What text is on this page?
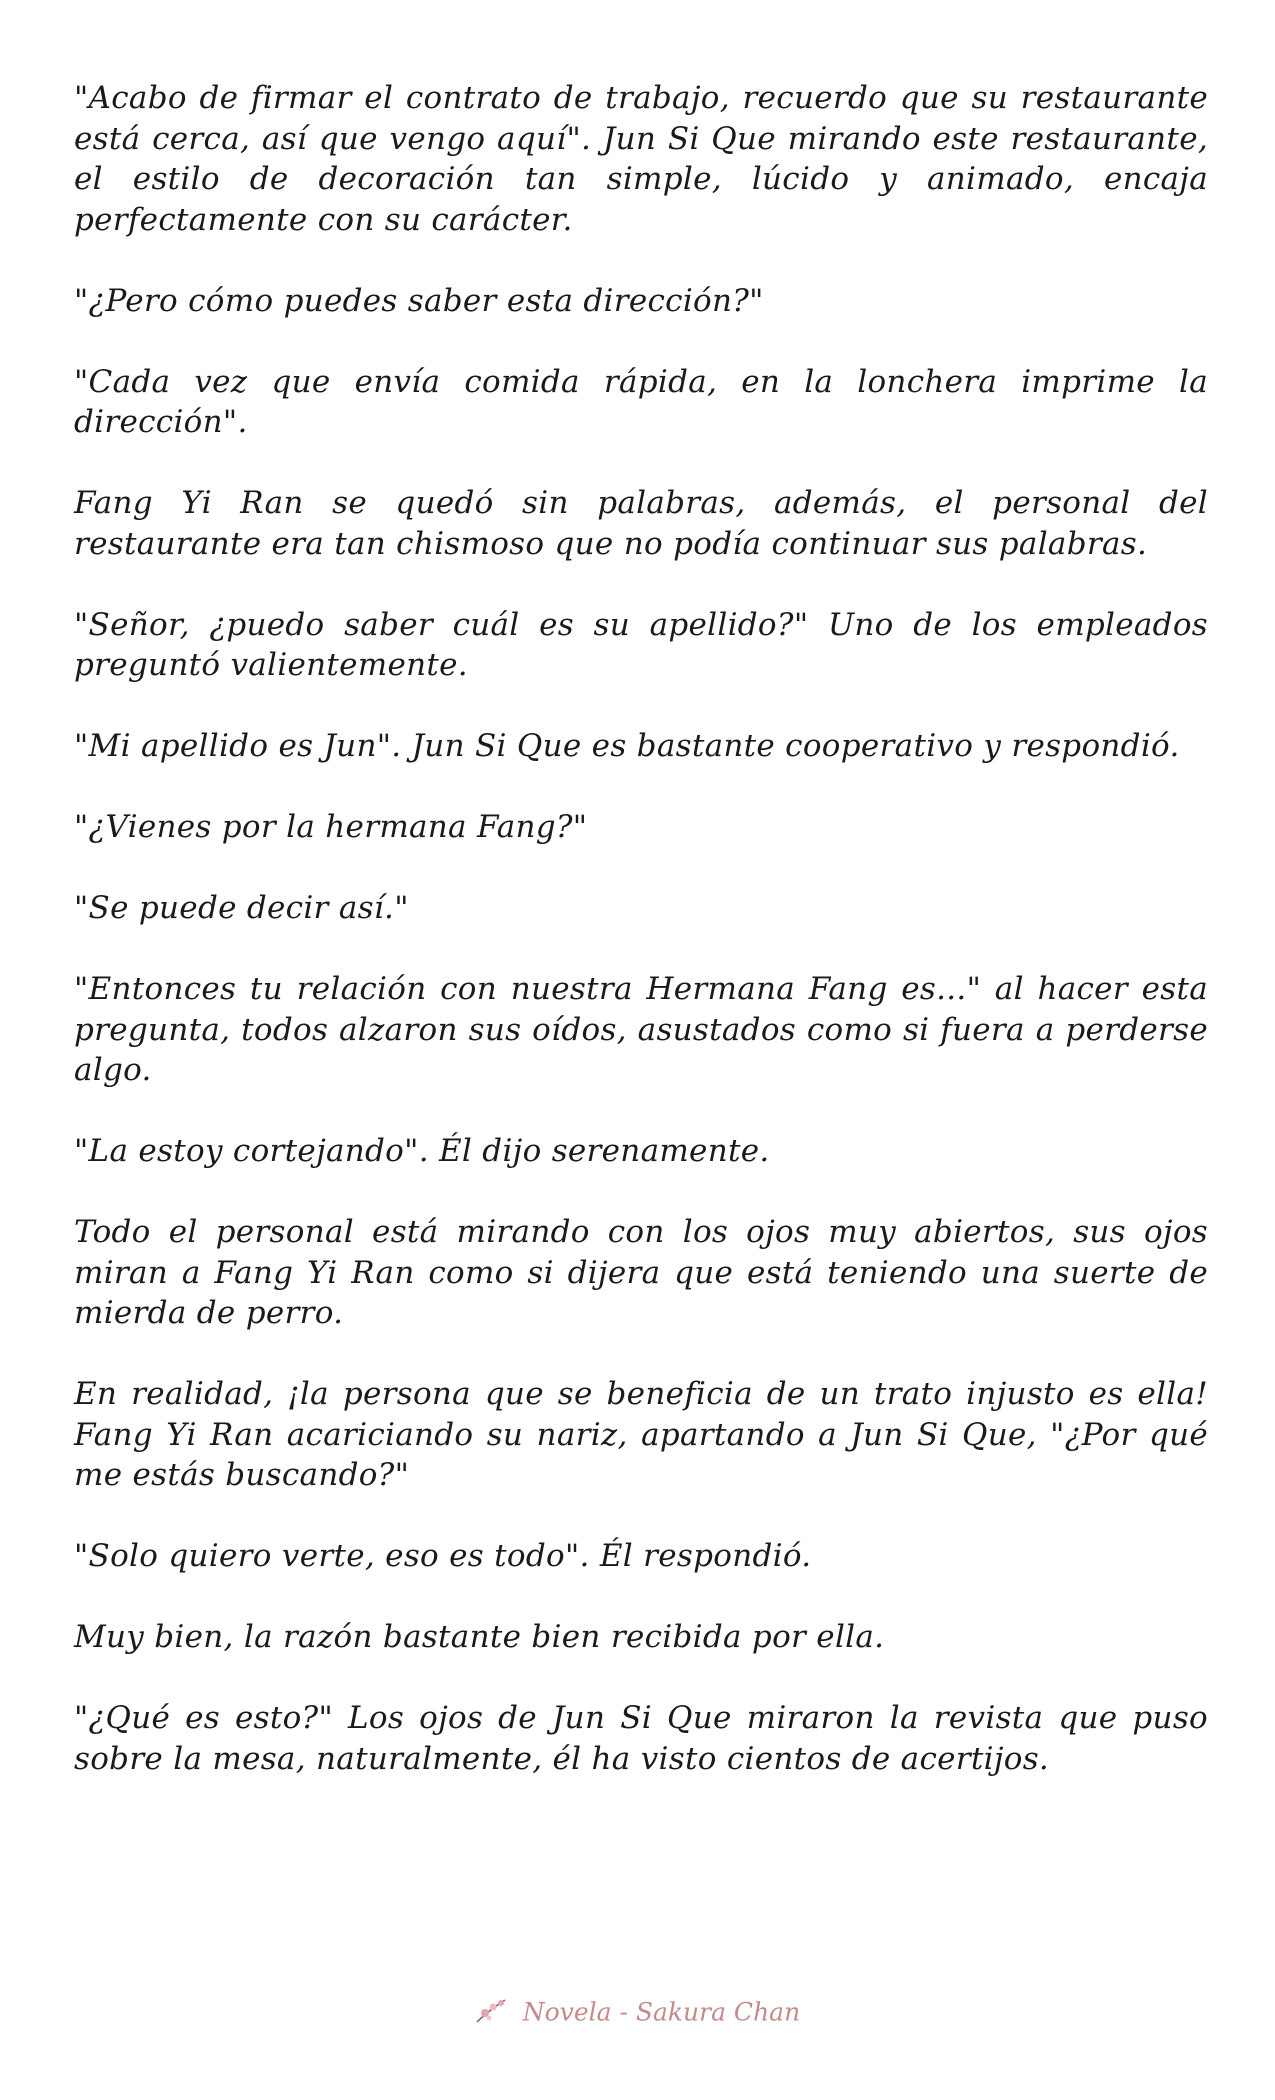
"Acabo de firmar el contrato de trabajo, recuerdo que su restaurante está cerca, así que vengo aquí". Jun Si Que mirando este restaurante, el estilo de decoración tan simple, lúcido y animado, encaja perfectamente con su carácter.

"¿Pero cómo puedes saber esta dirección?"

"Cada vez que envía comida rápida, en la lonchera imprime la dirección".

Fang Yi Ran se quedó sin palabras, además, el personal del restaurante era tan chismoso que no podía continuar sus palabras.

"Señor, ¿puedo saber cuál es su apellido?" Uno de los empleados preguntó valientemente.

"Mi apellido es Jun". Jun Si Que es bastante cooperativo y respondió.

"¿Vienes por la hermana Fang?"

"Se puede decir así."

"Entonces tu relación con nuestra Hermana Fang es..." al hacer esta pregunta, todos alzaron sus oídos, asustados como si fuera a perderse algo.

"La estoy cortejando". Él dijo serenamente.

Todo el personal está mirando con los ojos muy abiertos, sus ojos miran a Fang Yi Ran como si dijera que está teniendo una suerte de mierda de perro.

En realidad, ¡la persona que se beneficia de un trato injusto es ella! Fang Yi Ran acariciando su nariz, apartando a Jun Si Que, "¿Por qué me estás buscando?"

"Solo quiero verte, eso es todo". Él respondió.

Muy bien, la razón bastante bien recibida por ella.

"¿Qué es esto?" Los ojos de Jun Si Que miraron la revista que puso sobre la mesa, naturalmente, él ha visto cientos de acertijos.

Novela - Sakura Chan
